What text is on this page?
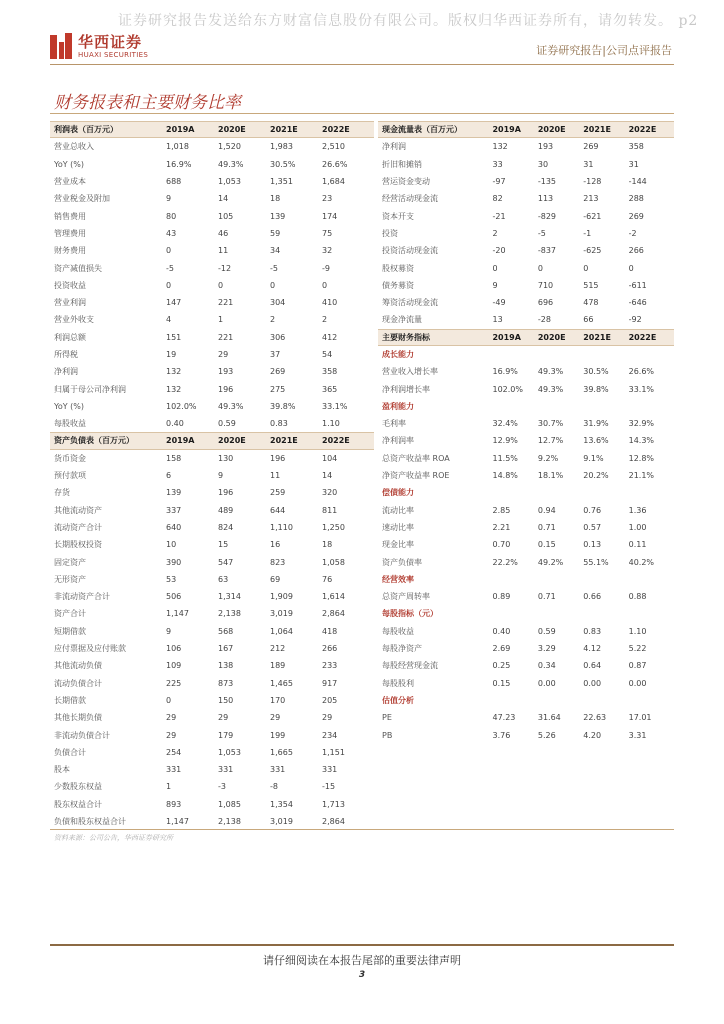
证券研究报告发送给东方财富信息股份有限公司。版权归华西证券所有，请勿转发。 p2
华西证券
HUAXI SECURITIES	证券研究报告|公司点评报告
财务报表和主要财务比率
利润表（百万元）	2019A	2020E	2021E	2022E
营业总收入	1,018	1,520	1,983	2,510
YoY (%)	16.9%	49.3%	30.5%	26.6%
营业成本	688	1,053	1,351	1,684
营业税金及附加	9	14	18	23
销售费用	80	105	139	174
管理费用	43	46	59	75
财务费用	0	11	34	32
资产减值损失	-5	-12	-5	-9
投资收益	0	0	0	0
营业利润	147	221	304	410
营业外收支	4	1	2	2
利润总额	151	221	306	412
所得税	19	29	37	54
净利润	132	193	269	358
归属于母公司净利润	132	196	275	365
YoY (%)	102.0%	49.3%	39.8%	33.1%
每股收益	0.40	0.59	0.83	1.10
资产负债表（百万元）	2019A	2020E	2021E	2022E
货币资金	158	130	196	104
预付款项	6	9	11	14
存货	139	196	259	320
其他流动资产	337	489	644	811
流动资产合计	640	824	1,110	1,250
长期股权投资	10	15	16	18
固定资产	390	547	823	1,058
无形资产	53	63	69	76
非流动资产合计	506	1,314	1,909	1,614
资产合计	1,147	2,138	3,019	2,864
短期借款	9	568	1,064	418
应付票据及应付账款	106	167	212	266
其他流动负债	109	138	189	233
流动负债合计	225	873	1,465	917
长期借款	0	150	170	205
其他长期负债	29	29	29	29
非流动负债合计	29	179	199	234
负债合计	254	1,053	1,665	1,151
股本	331	331	331	331
少数股东权益	1	-3	-8	-15
股东权益合计	893	1,085	1,354	1,713
负债和股东权益合计	1,147	2,138	3,019	2,864
现金流量表（百万元）	2019A	2020E	2021E	2022E
净利润	132	193	269	358
折旧和摊销	33	30	31	31
营运资金变动	-97	-135	-128	-144
经营活动现金流	82	113	213	288
资本开支	-21	-829	-621	269
投资	2	-5	-1	-2
投资活动现金流	-20	-837	-625	266
股权募资	0	0	0	0
债务募资	9	710	515	-611
筹资活动现金流	-49	696	478	-646
现金净流量	13	-28	66	-92
主要财务指标	2019A	2020E	2021E	2022E
成长能力
营业收入增长率	16.9%	49.3%	30.5%	26.6%
净利润增长率	102.0%	49.3%	39.8%	33.1%
盈利能力
毛利率	32.4%	30.7%	31.9%	32.9%
净利润率	12.9%	12.7%	13.6%	14.3%
总资产收益率 ROA	11.5%	9.2%	9.1%	12.8%
净资产收益率 ROE	14.8%	18.1%	20.2%	21.1%
偿债能力
流动比率	2.85	0.94	0.76	1.36
速动比率	2.21	0.71	0.57	1.00
现金比率	0.70	0.15	0.13	0.11
资产负债率	22.2%	49.2%	55.1%	40.2%
经营效率
总资产周转率	0.89	0.71	0.66	0.88
每股指标（元）
每股收益	0.40	0.59	0.83	1.10
每股净资产	2.69	3.29	4.12	5.22
每股经营现金流	0.25	0.34	0.64	0.87
每股股利	0.15	0.00	0.00	0.00
估值分析
PE	47.23	31.64	22.63	17.01
PB	3.76	5.26	4.20	3.31
资料来源：公司公告，华西证券研究所
请仔细阅读在本报告尾部的重要法律声明
3
